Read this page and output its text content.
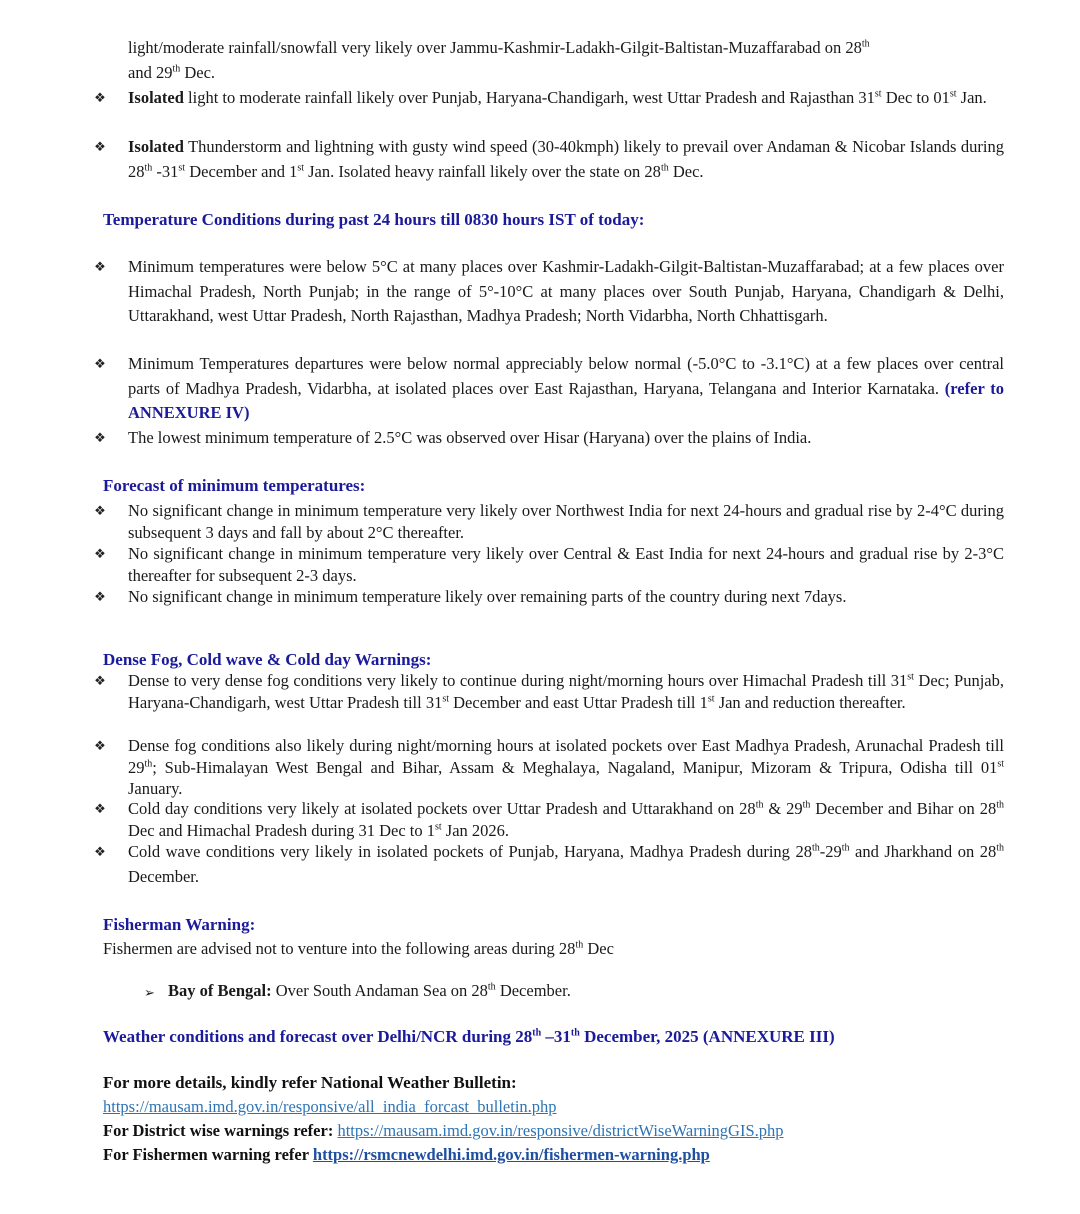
light/moderate rainfall/snowfall very likely over Jammu-Kashmir-Ladakh-Gilgit-Baltistan-Muzaffarabad on 28th
and 29th Dec.
❖ Isolated light to moderate rainfall likely over Punjab, Haryana-Chandigarh, west Uttar Pradesh and Rajasthan 31st Dec to 01st Jan.
❖ Isolated Thunderstorm and lightning with gusty wind speed (30-40kmph) likely to prevail over Andaman & Nicobar Islands during 28th -31st December and 1st Jan. Isolated heavy rainfall likely over the state on 28th Dec.
Temperature Conditions during past 24 hours till 0830 hours IST of today:
❖ Minimum temperatures were below 5°C at many places over Kashmir-Ladakh-Gilgit-Baltistan-Muzaffarabad; at a few places over Himachal Pradesh, North Punjab; in the range of 5°-10°C at many places over South Punjab, Haryana, Chandigarh & Delhi, Uttarakhand, west Uttar Pradesh, North Rajasthan, Madhya Pradesh; North Vidarbha, North Chhattisgarh.
❖ Minimum Temperatures departures were below normal appreciably below normal (-5.0°C to -3.1°C) at a few places over central parts of Madhya Pradesh, Vidarbha, at isolated places over East Rajasthan, Haryana, Telangana and Interior Karnataka. (refer to ANNEXURE IV)
❖ The lowest minimum temperature of 2.5°C was observed over Hisar (Haryana) over the plains of India.
Forecast of minimum temperatures:
❖ No significant change in minimum temperature very likely over Northwest India for next 24-hours and gradual rise by 2-4°C during subsequent 3 days and fall by about 2°C thereafter.
❖ No significant change in minimum temperature very likely over Central & East India for next 24-hours and gradual rise by 2-3°C thereafter for subsequent 2-3 days.
❖ No significant change in minimum temperature likely over remaining parts of the country during next 7days.
Dense Fog, Cold wave & Cold day Warnings:
❖ Dense to very dense fog conditions very likely to continue during night/morning hours over Himachal Pradesh till 31st Dec; Punjab, Haryana-Chandigarh, west Uttar Pradesh till 31st December and east Uttar Pradesh till 1st Jan and reduction thereafter.
❖ Dense fog conditions also likely during night/morning hours at isolated pockets over East Madhya Pradesh, Arunachal Pradesh till 29th; Sub-Himalayan West Bengal and Bihar, Assam & Meghalaya, Nagaland, Manipur, Mizoram & Tripura, Odisha till 01st January.
❖ Cold day conditions very likely at isolated pockets over Uttar Pradesh and Uttarakhand on 28th & 29th December and Bihar on 28th Dec and Himachal Pradesh during 31 Dec to 1st Jan 2026.
❖ Cold wave conditions very likely in isolated pockets of Punjab, Haryana, Madhya Pradesh during 28th-29th and Jharkhand on 28th December.
Fisherman Warning:
Fishermen are advised not to venture into the following areas during 28th Dec
➢ Bay of Bengal: Over South Andaman Sea on 28th December.
Weather conditions and forecast over Delhi/NCR during 28th –31th December, 2025 (ANNEXURE III)
For more details, kindly refer National Weather Bulletin:
https://mausam.imd.gov.in/responsive/all_india_forcast_bulletin.php
For District wise warnings refer: https://mausam.imd.gov.in/responsive/districtWiseWarningGIS.php
For Fishermen warning refer https://rsmcnewdelhi.imd.gov.in/fishermen-warning.php
